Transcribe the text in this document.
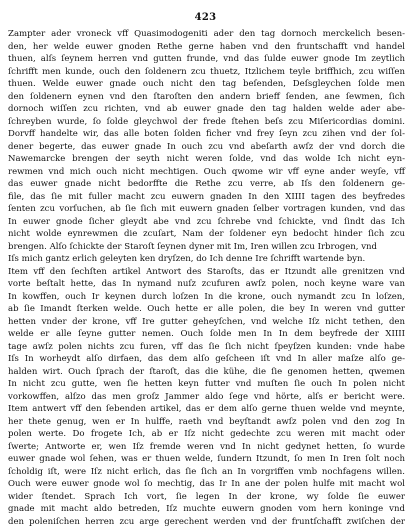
423
Zampter ader vroneck vff Quasimodogeniti ader den tag dornoch merckelich besen-
den, her welde euwer gnoden Rethe gerne haben vnd den fruntschafft vnd handel
thuen, alſs ſeynem herren vnd gutten frunde, vnd das ſulde euwer gnode Im zeytlich
ſchrifft men kunde, ouch den ſoldenern zcu thuetz, Itzlichem teyle briffhich, zcu wiſſen
thuen. Welde euwer gnade ouch nicht den tag beſenden, Deſsgleychen ſolde men
den ſoldenern eynen vnd den ſtaroſten den andern brieff ſenden, ane ſewmen, ſich
dornoch wiſſen zcu richten, vnd ab euwer gnade den tag halden welde ader abe-
ſchreyben wurde, ſo ſolde gleychwol der frede ſtehen beſs zcu Miſericordias domini.
Dorvff handelte wir, das alle boten ſolden ficher vnd frey ſeyn zcu zihen vnd der ſol-
dener begerte, das euwer gnade In ouch zcu vnd abeſarth awſz der vnd dorch die
Nawemarcke brengen der seyth nicht weren ſolde, vnd das wolde Ich nicht eyn-
rewmen vnd mich ouch nicht mechtigen. Ouch qwome wir vff eyne ander weyſe, vff
das euwer gnade nicht bedorffte die Rethe zcu verre, ab Iſs den ſoldenern ge-
file, das ſie mit fuller macht zcu euwern gnaden In den XIIII tagen des beyfredes
ſenten zcu vorſuchen, ab ſie ſich mit euwern gnaden ſelber vortragen kunden, vnd das
In euwer gnode ſicher gleydt abe vnd zcu ſchrebe vnd ſchickte, vnd ſindt das Ich
nicht wolde eynrewmen die zcuſart, Nam der ſoldener eyn bedocht hinder ſich zcu
brengen. Alſo ſchickte der Staroſt ſeynen dyner mit Im, Iren willen zcu Irbrogen, vnd
Iſs mich gantz erlich geleyten ken dryſzen, do Ich denne Ire ſchrifft wartende byn.
Item vff den ſechſten artikel Antwort des Staroſts, das er Itzundt alle grenitzen vnd
vorte beſtalt hette, das In nymand nuſz zcufuren awſz polen, noch keyne ware van
In kowffen, ouch Ir keynen durch loſzen In die krone, ouch nymandt zcu In loſzen,
ab ſie Imandt ſterken welde. Ouch hette er alle polen, die bey In weren vnd gutter
hetten vnder der krone, vff Ire gutter geheyſchen, vnd welche Iſz nicht tethen, den
welde er alle ſeyne gutter nemen. Ouch ſolde men In In dem beyfrede der XIIII
tage awſz polen nichts zcu furen, vff das ſie ſich nicht ſpeyſzen kunden: vnde habe
Iſs In worheydt alſo dirfaen, das dem alſo geſcheen iſt vnd In aller maſze alſo ge-
halden wirt. Ouch ſprach der ſtaroſt, das die kühe, die ſie genomen hetten, qwemen
In nicht zcu gutte, wen ſie hetten keyn futter vnd muſten ſie ouch In polen nicht
vorkowffen, alſzo das men groſz Jammer aldo ſege vnd hörte, alſs er bericht were.
Item antwert vff den ſebenden artikel, das er dem alſo gerne thuen welde vnd meynte,
her thete genug, wen er In hulffe, raeth vnd beyſtandt awſz polen vnd den zog In
polen werte. Do frogete Ich, ab er Iſz nicht gedechte zcu weren mit macht oder
ſwerte; Antworte er, wen Iſz fremde weren vnd In nicht gedynet hetten, ſo wurde
euwer gnade wol ſehen, was er thuen welde, ſundern Itzundt, ſo men In Iren ſolt noch
ſcholdig iſt, were Iſz nicht erlich, das ſie ſich an In vorgriffen vmb nochfagens willen.
Ouch were euwer gnode wol ſo mechtig, das Ir In ane der polen hulfe mit macht wol
wider ſtendet. Sprach Ich vort, ſie legen In der krone, wy ſolde ſie euwer
gnade mit macht aldo betreden, Iſz muchte euwern gnoden vom hern koninge vnd
den poleniſchen herren zcu arge gerechent werden vnd der fruntſchafft zwiſchen der
